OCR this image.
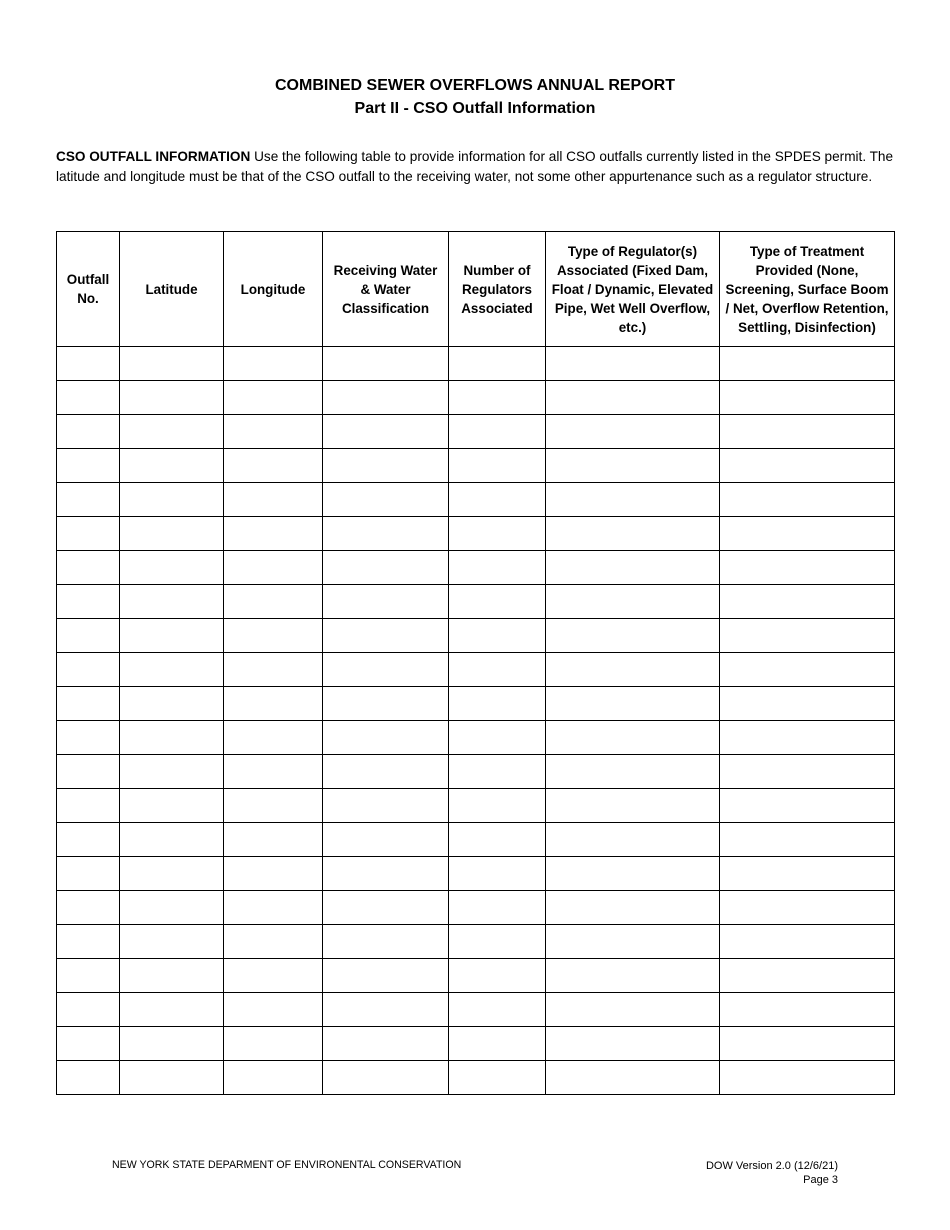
COMBINED SEWER OVERFLOWS ANNUAL REPORT
Part II - CSO Outfall Information
CSO OUTFALL INFORMATION Use the following table to provide information for all CSO outfalls currently listed in the SPDES permit. The latitude and longitude must be that of the CSO outfall to the receiving water, not some other appurtenance such as a regulator structure.
Outfall No.	Latitude	Longitude	Receiving Water & Water Classification	Number of Regulators Associated	Type of Regulator(s) Associated (Fixed Dam, Float / Dynamic, Elevated Pipe, Wet Well Overflow, etc.)	Type of Treatment Provided (None, Screening, Surface Boom / Net, Overflow Retention, Settling, Disinfection)

NEW YORK STATE DEPARMENT OF ENVIRONENTAL CONSERVATION	DOW Version 2.0 (12/6/21)
Page 3
